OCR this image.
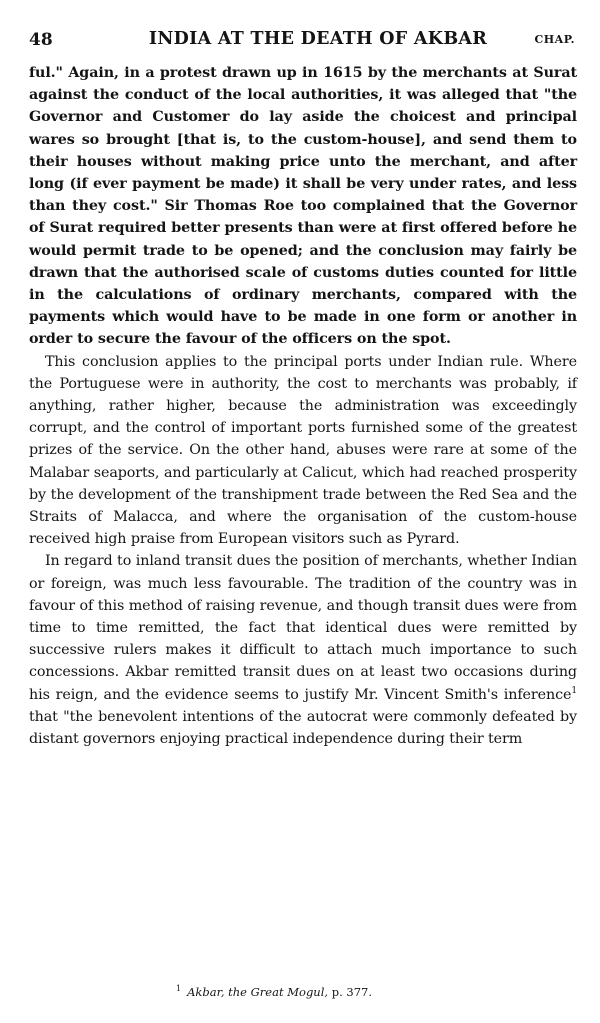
48	INDIA AT THE DEATH OF AKBAR	CHAP.

ful." Again, in a protest drawn up in 1615 by the merchants at Surat against the conduct of the local authorities, it was alleged that "the Governor and Customer do lay aside the choicest and principal wares so brought [that is, to the custom-house], and send them to their houses without making price unto the merchant, and after long (if ever payment be made) it shall be very under rates, and less than they cost." Sir Thomas Roe too complained that the Governor of Surat required better presents than were at first offered before he would permit trade to be opened; and the conclusion may fairly be drawn that the authorised scale of customs duties counted for little in the calculations of ordinary merchants, compared with the payments which would have to be made in one form or another in order to secure the favour of the officers on the spot.

This conclusion applies to the principal ports under Indian rule. Where the Portuguese were in authority, the cost to merchants was probably, if anything, rather higher, because the administration was exceedingly corrupt, and the control of important ports furnished some of the greatest prizes of the service. On the other hand, abuses were rare at some of the Malabar seaports, and particularly at Calicut, which had reached prosperity by the development of the transhipment trade between the Red Sea and the Straits of Malacca, and where the organisation of the custom-house received high praise from European visitors such as Pyrard.

In regard to inland transit dues the position of merchants, whether Indian or foreign, was much less favourable. The tradition of the country was in favour of this method of raising revenue, and though transit dues were from time to time remitted, the fact that identical dues were remitted by successive rulers makes it difficult to attach much importance to such concessions. Akbar remitted transit dues on at least two occasions during his reign, and the evidence seems to justify Mr. Vincent Smith's inference$^1$ that "the benevolent intentions of the autocrat were commonly defeated by distant governors enjoying practical independence during their term

$^1$ Akbar, the Great Mogul, p. 377.
